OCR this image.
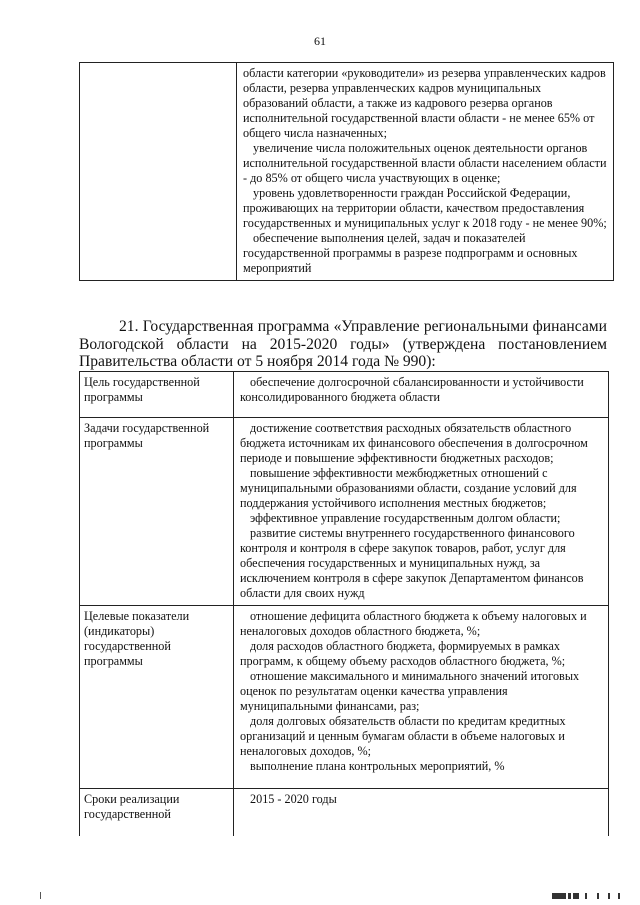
61

области категории «руководители» из резерва управленческих кадров области, резерва управленческих кадров муниципальных образований области, а также из кадрового резерва органов исполнительной государственной власти области - не менее 65% от общего числа назначенных;
увеличение числа положительных оценок деятельности органов исполнительной государственной власти области населением области - до 85% от общего числа участвующих в оценке;
уровень удовлетворенности граждан Российской Федерации, проживающих на территории области, качеством предоставления государственных и муниципальных услуг к 2018 году - не менее 90%;
обеспечение выполнения целей, задач и показателей государственной программы в разрезе подпрограмм и основных мероприятий
21. Государственная программа «Управление региональными финансами Вологодской области на 2015-2020 годы» (утверждена постановлением Правительства области от 5 ноября 2014 года № 990):
Цель государственной программы	обеспечение долгосрочной сбалансированности и устойчивости консолидированного бюджета области

Задачи государственной программы	достижение соответствия расходных обязательств областного бюджета источникам их финансового обеспечения в долгосрочном периоде и повышение эффективности бюджетных расходов;
повышение эффективности межбюджетных отношений с муниципальными образованиями области, создание условий для поддержания устойчивого исполнения местных бюджетов;
эффективное управление государственным долгом области;
развитие системы внутреннего государственного финансового контроля и контроля в сфере закупок товаров, работ, услуг для обеспечения государственных и муниципальных нужд, за исключением контроля в сфере закупок Департаментом финансов области для своих нужд

Целевые показатели (индикаторы) государственной программы	отношение дефицита областного бюджета к объему налоговых и неналоговых доходов областного бюджета, %;
доля расходов областного бюджета, формируемых в рамках программ, к общему объему расходов областного бюджета, %;
отношение максимального и минимального значений итоговых оценок по результатам оценки качества управления муниципальными финансами, раз;
доля долговых обязательств области по кредитам кредитных организаций и ценным бумагам области в объеме налоговых и неналоговых доходов, %;
выполнение плана контрольных мероприятий, %

Сроки реализации государственной	2015 - 2020 годы
